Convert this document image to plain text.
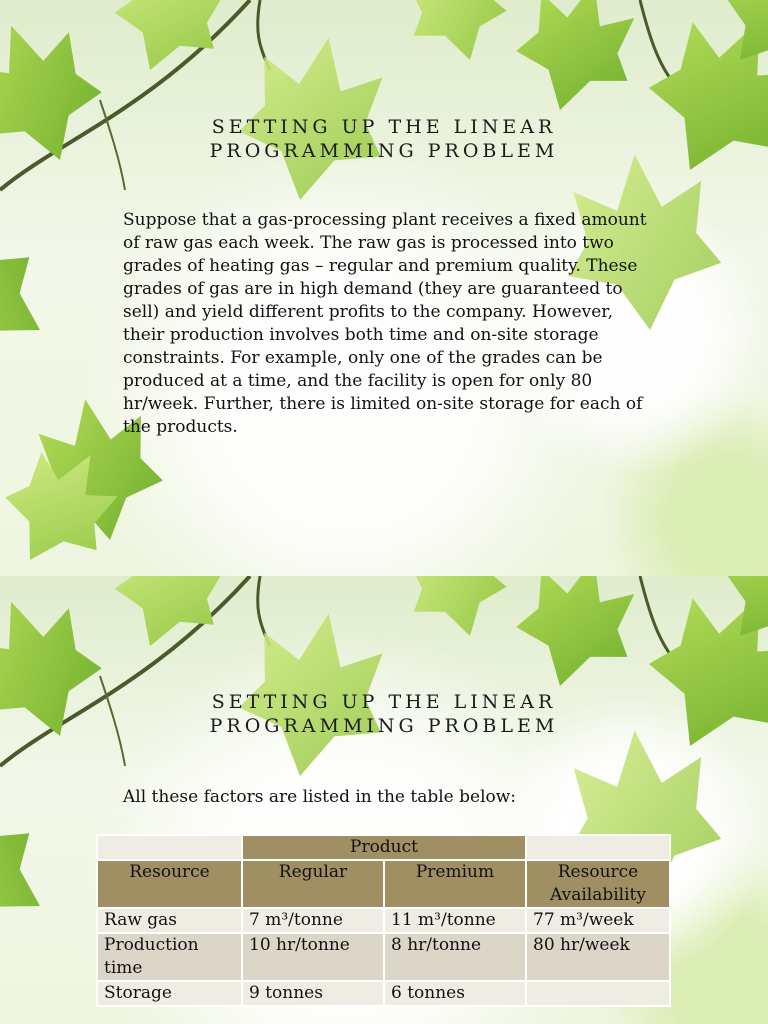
SETTING UP THE LINEAR
PROGRAMMING PROBLEM

Suppose that a gas-processing plant receives a fixed amount of raw gas each week. The raw gas is processed into two grades of heating gas – regular and premium quality. These grades of gas are in high demand (they are guaranteed to sell) and yield different profits to the company. However, their production involves both time and on-site storage constraints. For example, only one of the grades can be produced at a time, and the facility is open for only 80 hr/week. Further, there is limited on-site storage for each of the products.

SETTING UP THE LINEAR
PROGRAMMING PROBLEM

All these factors are listed in the table below:

	Product		
Resource	Regular	Premium	Resource Availability
Raw gas	7 m³/tonne	11 m³/tonne	77 m³/week
Production time	10 hr/tonne	8 hr/tonne	80 hr/week
Storage	9 tonnes	6 tonnes	
